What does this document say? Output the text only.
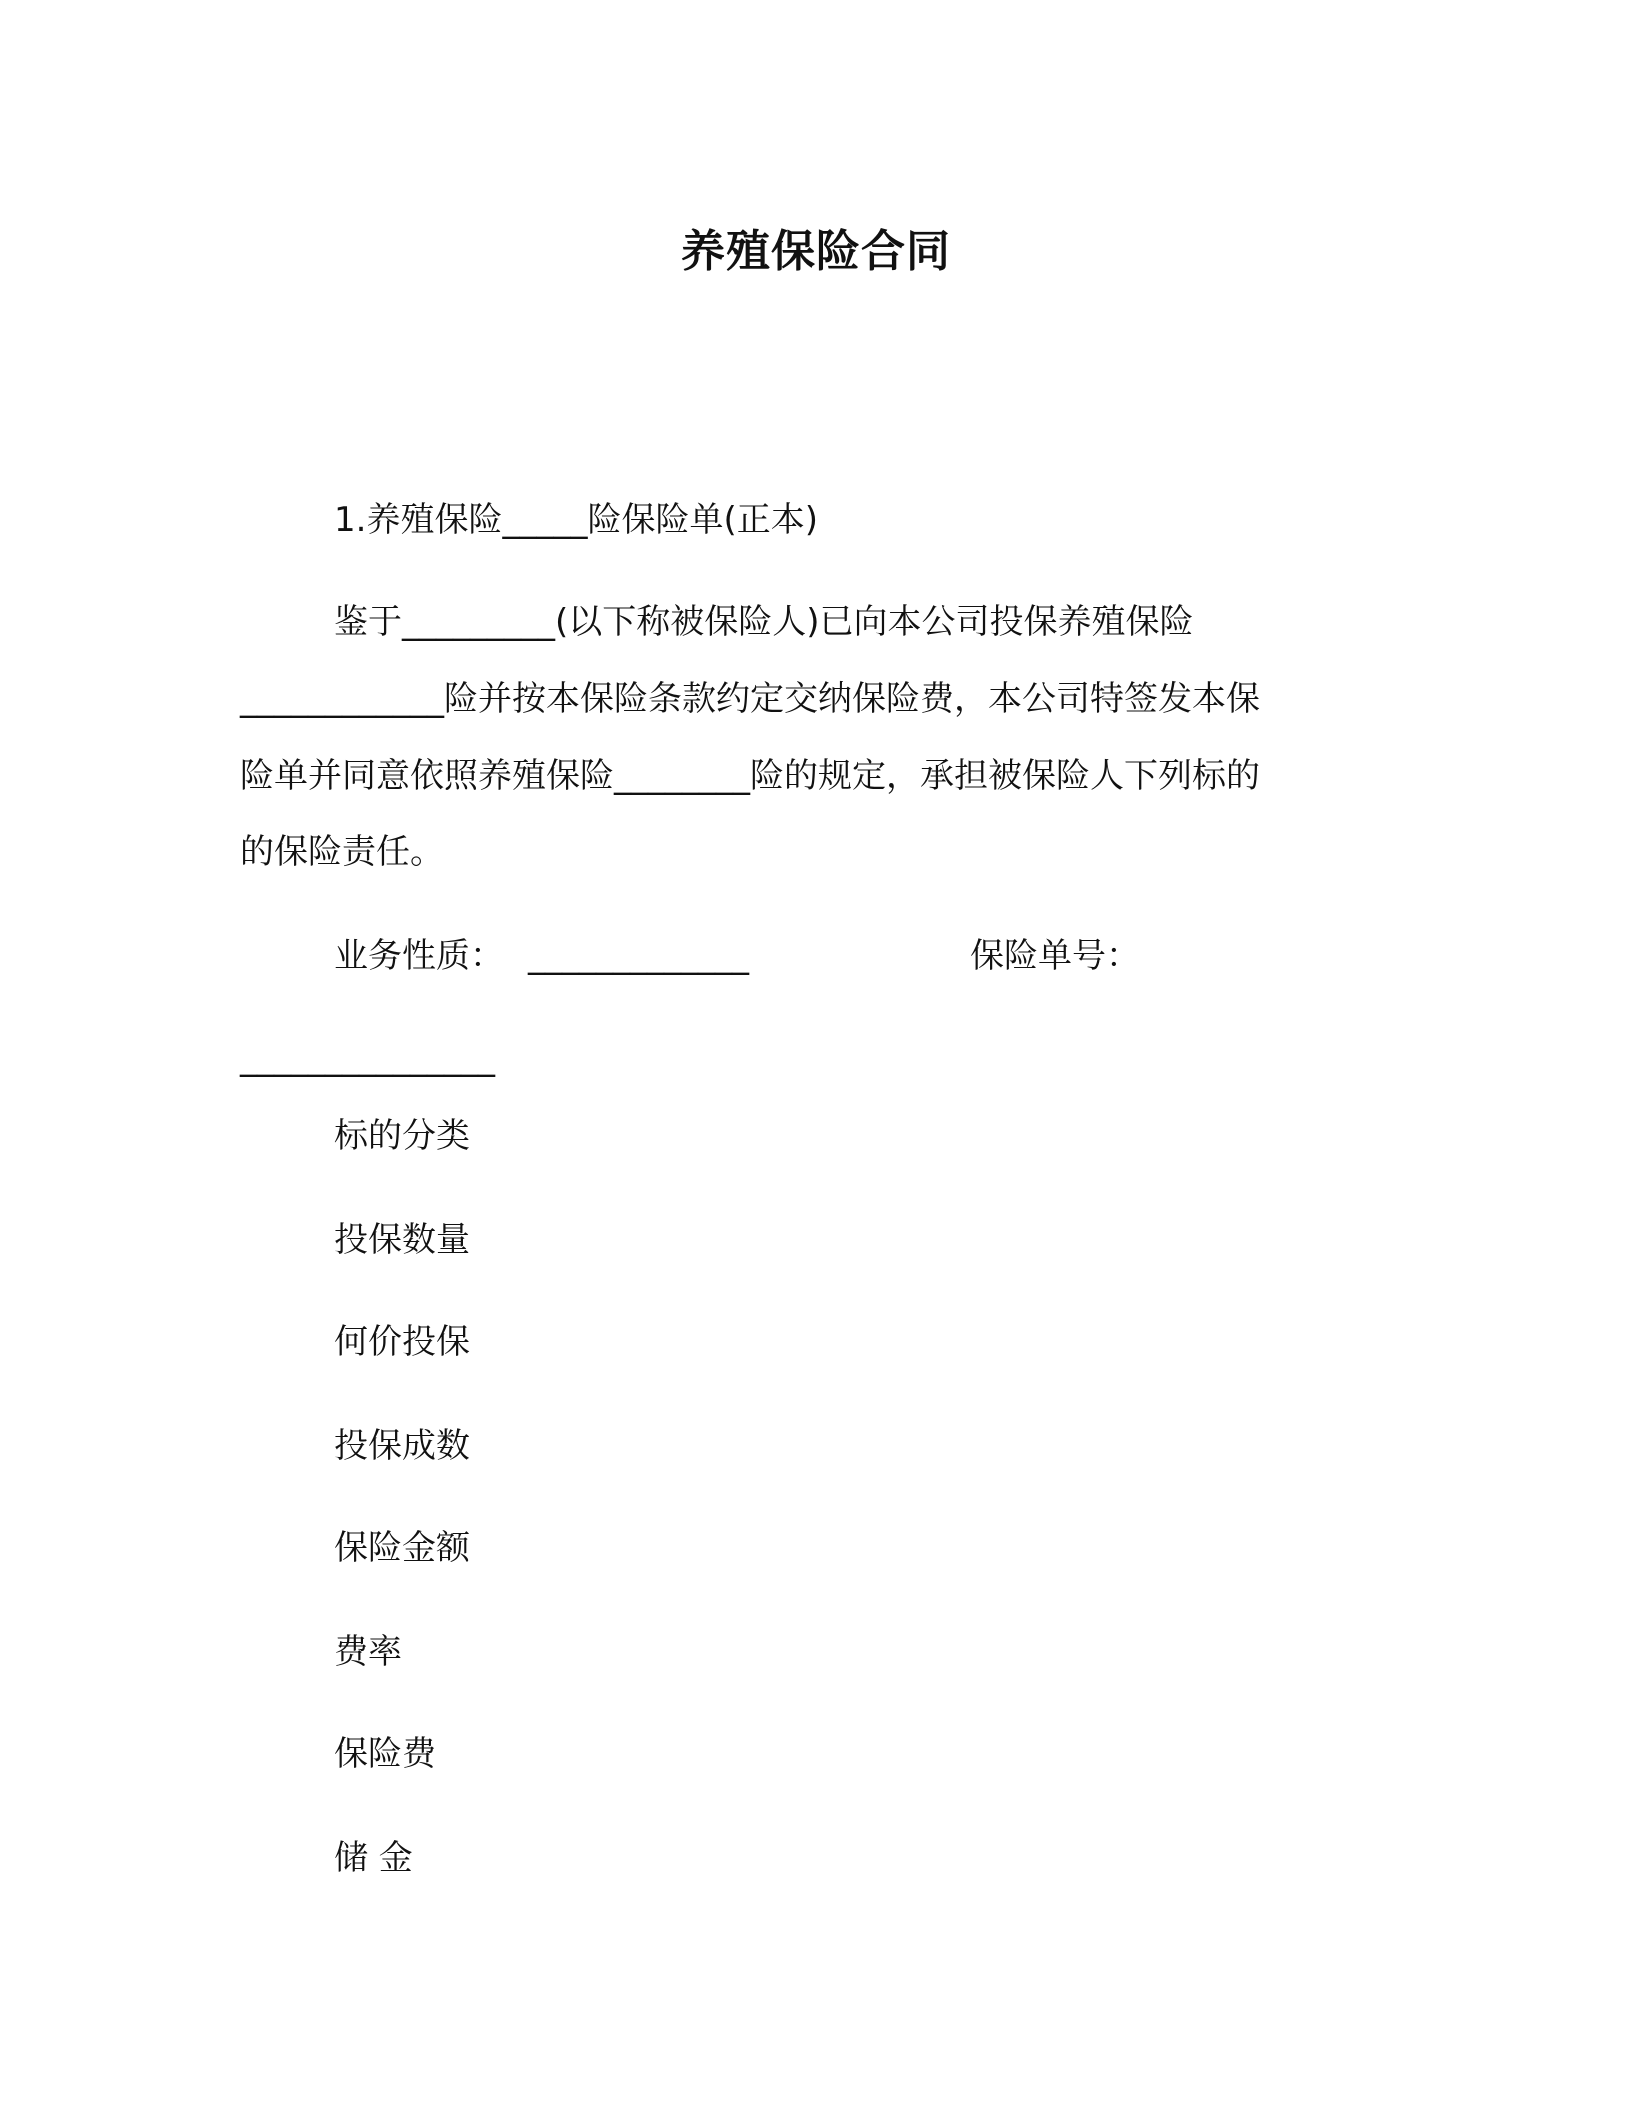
养殖保险合同
1.养殖保险_____险保险单(正本)
鉴于_________(以下称被保险人)已向本公司投保养殖保险
____________险并按本保险条款约定交纳保险费，本公司特签发本保
险单并同意依照养殖保险________险的规定，承担被保险人下列标的
的保险责任。
业务性质： _____________	保险单号：
_______________
标的分类
投保数量
何价投保
投保成数
保险金额
费率
保险费
储 金
